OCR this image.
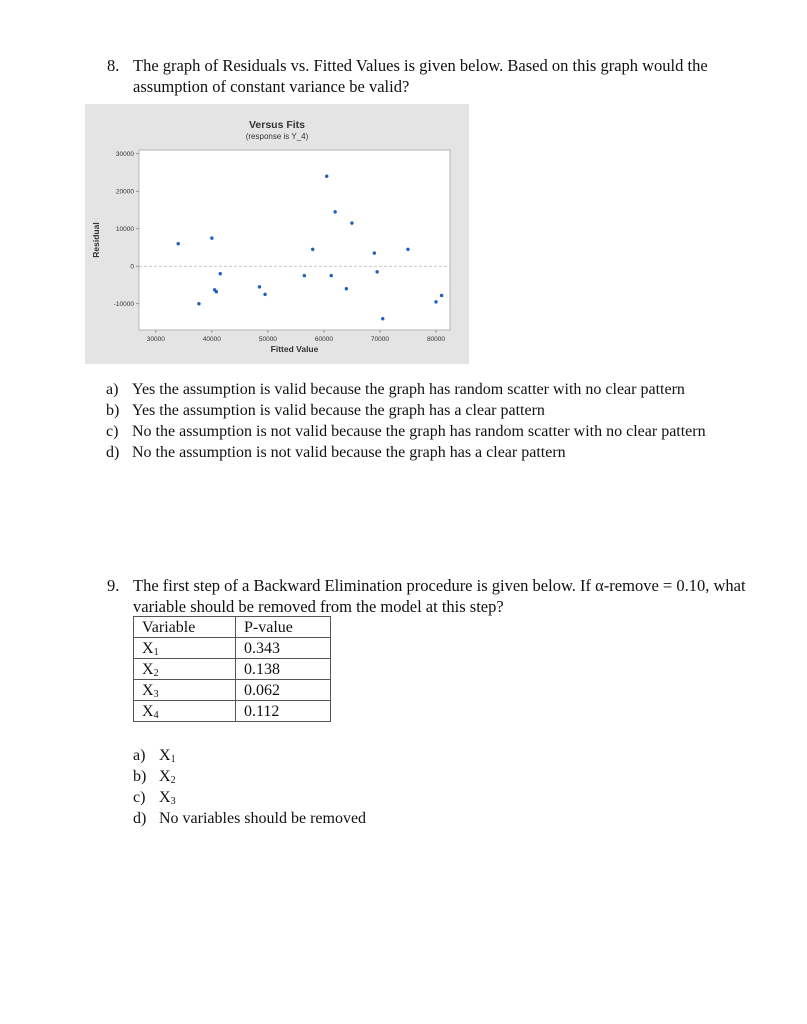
8. The graph of Residuals vs. Fitted Values is given below. Based on this graph would the assumption of constant variance be valid?
Versus Fits
(response is Y_4)
-10000
0
10000
20000
30000
30000	40000	50000	60000	70000	80000
Fitted Value
Residual
a) Yes the assumption is valid because the graph has random scatter with no clear pattern
b) Yes the assumption is valid because the graph has a clear pattern
c) No the assumption is not valid because the graph has random scatter with no clear pattern
d) No the assumption is not valid because the graph has a clear pattern
9. The first step of a Backward Elimination procedure is given below. If α-remove = 0.10, what variable should be removed from the model at this step?
Variable	P-value
$X_1$	0.343
$X_2$	0.138
$X_3$	0.062
$X_4$	0.112
a) $X_1$
b) $X_2$
c) $X_3$
d) No variables should be removed
